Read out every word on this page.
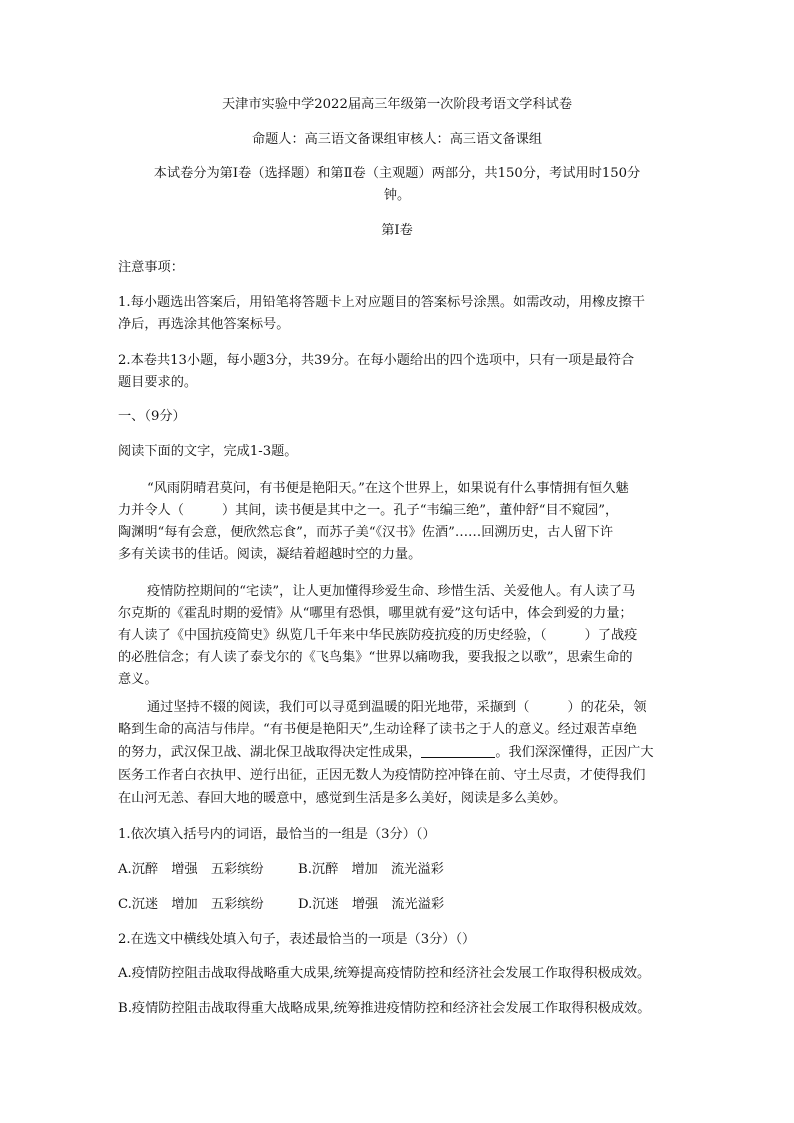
天津市实验中学2022届高三年级第一次阶段考语文学科试卷
命题人：高三语文备课组审核人：高三语文备课组
本试卷分为第Ⅰ卷（选择题）和第Ⅱ卷（主观题）两部分，共150分，考试用时150分
钟。
第Ⅰ卷
注意事项：
1.每小题选出答案后，用铅笔将答题卡上对应题目的答案标号涂黑。如需改动，用橡皮擦干
净后，再选涂其他答案标号。
2.本卷共13小题，每小题3分，共39分。在每小题给出的四个选项中，只有一项是最符合
题目要求的。
一、（9分）
阅读下面的文字，完成1-3题。
“风雨阴晴君莫问，有书便是艳阳天。”在这个世界上，如果说有什么事情拥有恒久魅
力并令人（	）其间，读书便是其中之一。孔子“韦编三绝”，董仲舒“目不窥园”，
陶渊明“每有会意，便欣然忘食”，而苏子美“《汉书》佐酒”……回溯历史，古人留下许
多有关读书的佳话。阅读，凝结着超越时空的力量。
疫情防控期间的“宅读”，让人更加懂得珍爱生命、珍惜生活、关爱他人。有人读了马
尔克斯的《霍乱时期的爱情》从“哪里有恐惧，哪里就有爱”这句话中，体会到爱的力量；
有人读了《中国抗疫简史》纵览几千年来中华民族防疫抗疫的历史经验，（	）了战疫
的必胜信念；有人读了泰戈尔的《飞鸟集》“世界以痛吻我，要我报之以歌”，思索生命的
意义。
通过坚持不辍的阅读，我们可以寻觅到温暖的阳光地带，采撷到（	）的花朵，领
略到生命的高洁与伟岸。“有书便是艳阳天”,生动诠释了读书之于人的意义。经过艰苦卓绝
的努力，武汉保卫战、湖北保卫战取得决定性成果，	。我们深深懂得，正因广大
医务工作者白衣执甲、逆行出征，正因无数人为疫情防控冲锋在前、守土尽责，才使得我们
在山河无恙、春回大地的暖意中，感觉到生活是多么美好，阅读是多么美妙。
1.依次填入括号内的词语，最恰当的一组是（3分）（）
A.沉醉　增强　五彩缤纷	B.沉醉　增加　流光溢彩
C.沉迷　增加　五彩缤纷	D.沉迷　增强　流光溢彩
2.在选文中横线处填入句子，表述最恰当的一项是（3分）（）
A.疫情防控阻击战取得战略重大成果,统筹提高疫情防控和经济社会发展工作取得积极成效。
B.疫情防控阻击战取得重大战略成果,统筹推进疫情防控和经济社会发展工作取得积极成效。
